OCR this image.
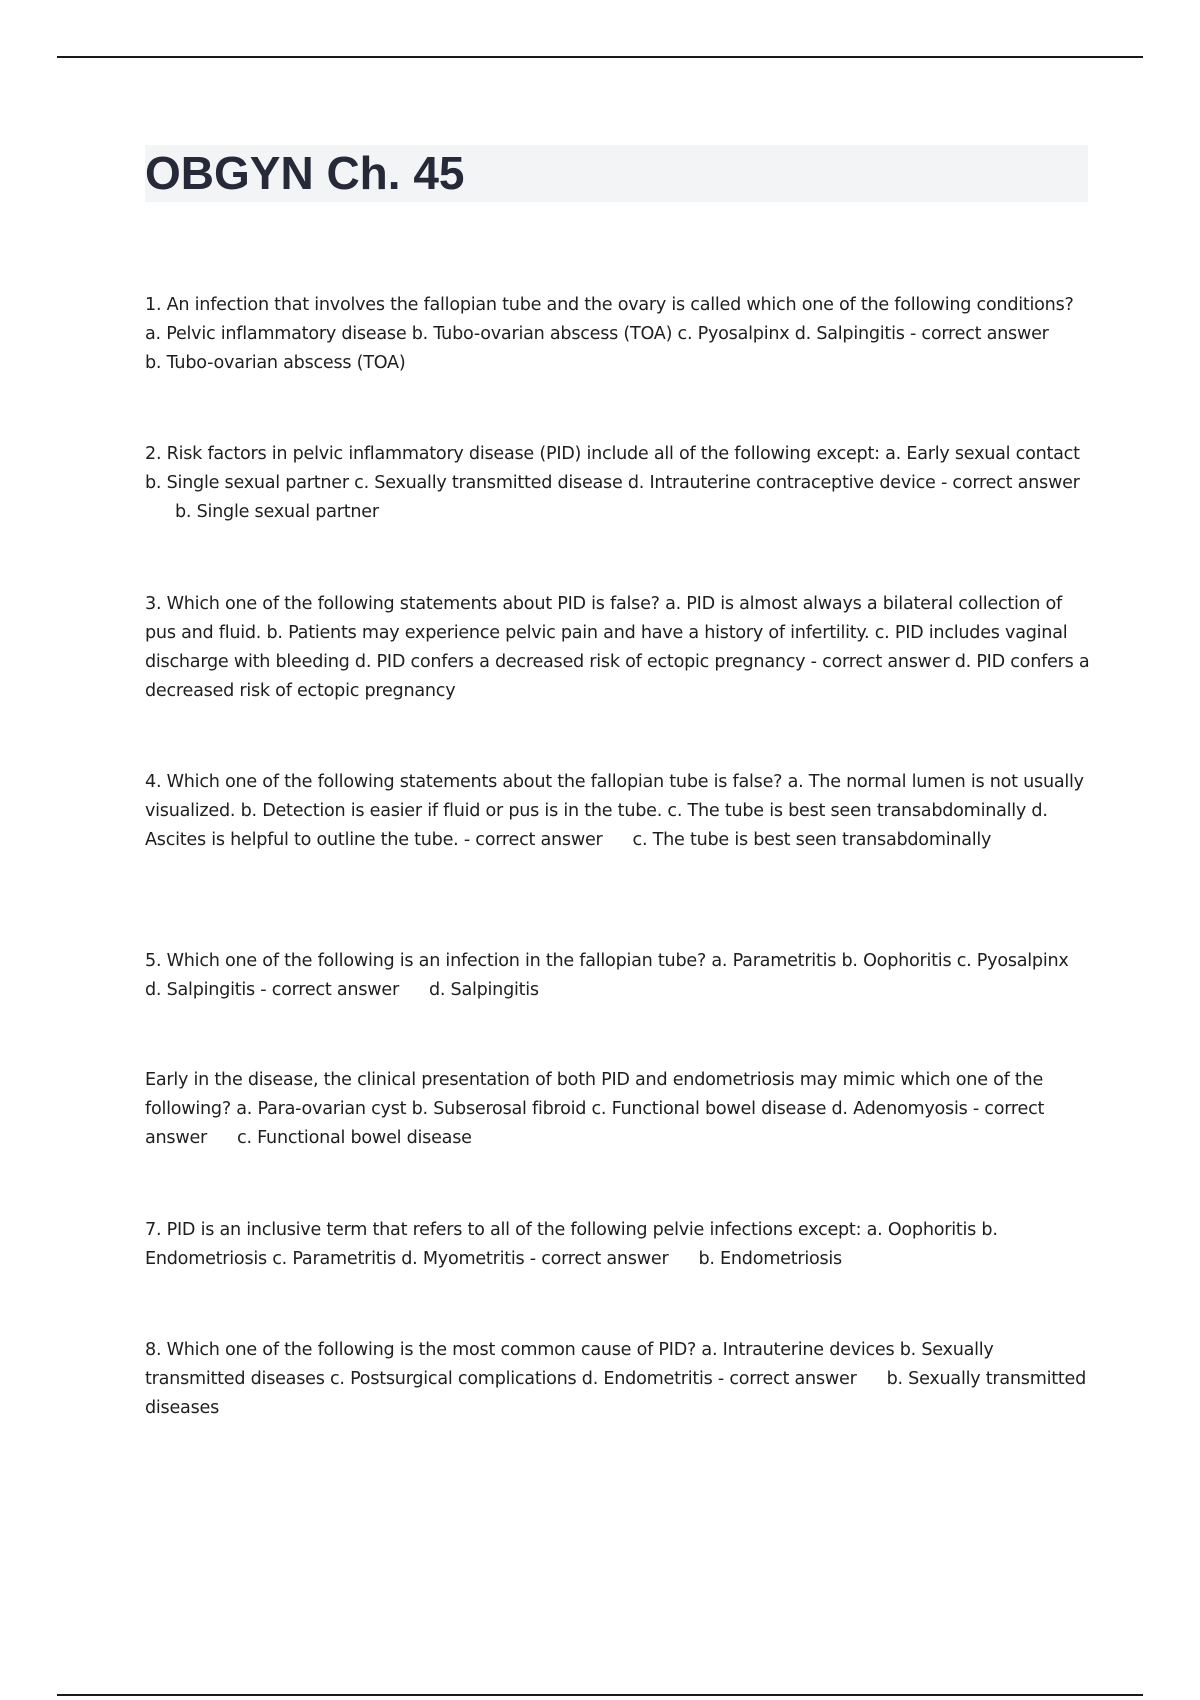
OBGYN Ch. 45

1. An infection that involves the fallopian tube and the ovary is called which one of the following conditions? a. Pelvic inflammatory disease b. Tubo-ovarian abscess (TOA) c. Pyosalpinx d. Salpingitis - correct answerb. Tubo-ovarian abscess (TOA)

2. Risk factors in pelvic inflammatory disease (PID) include all of the following except: a. Early sexual contact b. Single sexual partner c. Sexually transmitted disease d. Intrauterine contraceptive device - correct answerb. Single sexual partner

3. Which one of the following statements about PID is false? a. PID is almost always a bilateral collection of pus and fluid. b. Patients may experience pelvic pain and have a history of infertility. c. PID includes vaginal discharge with bleeding d. PID confers a decreased risk of ectopic pregnancy - correct answer d. PID confers a decreased risk of ectopic pregnancy

4. Which one of the following statements about the fallopian tube is false? a. The normal lumen is not usually visualized. b. Detection is easier if fluid or pus is in the tube. c. The tube is best seen transabdominally d. Ascites is helpful to outline the tube. - correct answer c. The tube is best seen transabdominally

5. Which one of the following is an infection in the fallopian tube? a. Parametritis b. Oophoritis c. Pyosalpinx d. Salpingitis - correct answer d. Salpingitis

Early in the disease, the clinical presentation of both PID and endometriosis may mimic which one of the following? a. Para-ovarian cyst b. Subserosal fibroid c. Functional bowel disease d. Adenomyosis - correct answer c. Functional bowel disease

7. PID is an inclusive term that refers to all of the following pelvie infections except: a. Oophoritis b. Endometriosis c. Parametritis d. Myometritis - correct answer b. Endometriosis

8. Which one of the following is the most common cause of PID? a. Intrauterine devices b. Sexually transmitted diseases c. Postsurgical complications d. Endometritis - correct answer b. Sexually transmitted diseases
